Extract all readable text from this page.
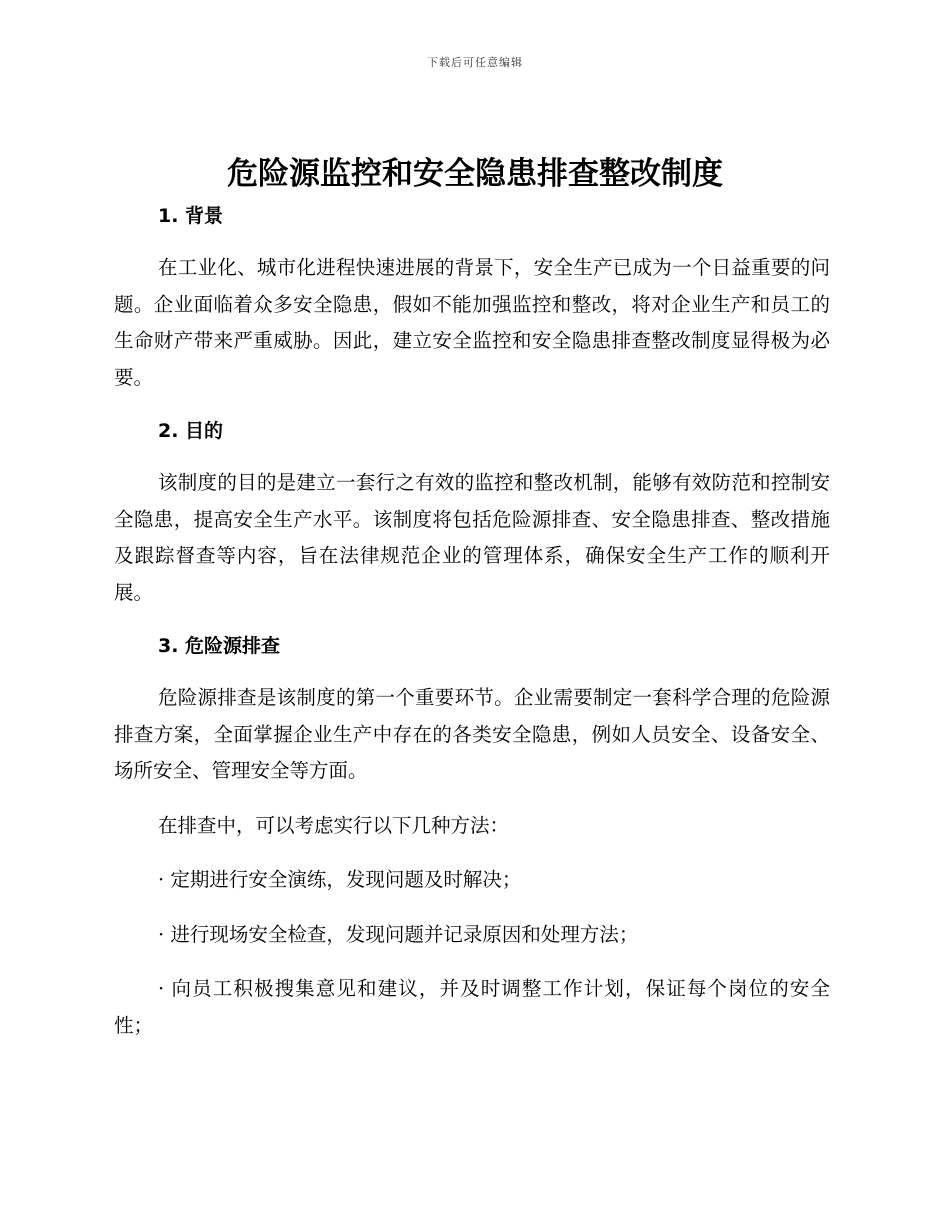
下载后可任意编辑
危险源监控和安全隐患排查整改制度
1. 背景

在工业化、城市化进程快速进展的背景下，安全生产已成为一个日益重要的问题。企业面临着众多安全隐患，假如不能加强监控和整改，将对企业生产和员工的生命财产带来严重威胁。因此，建立安全监控和安全隐患排查整改制度显得极为必要。

2. 目的

该制度的目的是建立一套行之有效的监控和整改机制，能够有效防范和控制安全隐患，提高安全生产水平。该制度将包括危险源排查、安全隐患排查、整改措施及跟踪督查等内容，旨在法律规范企业的管理体系，确保安全生产工作的顺利开展。

3. 危险源排查

危险源排查是该制度的第一个重要环节。企业需要制定一套科学合理的危险源排查方案，全面掌握企业生产中存在的各类安全隐患，例如人员安全、设备安全、场所安全、管理安全等方面。

在排查中，可以考虑实行以下几种方法：

· 定期进行安全演练，发现问题及时解决；

· 进行现场安全检查，发现问题并记录原因和处理方法；

· 向员工积极搜集意见和建议，并及时调整工作计划，保证每个岗位的安全性；
